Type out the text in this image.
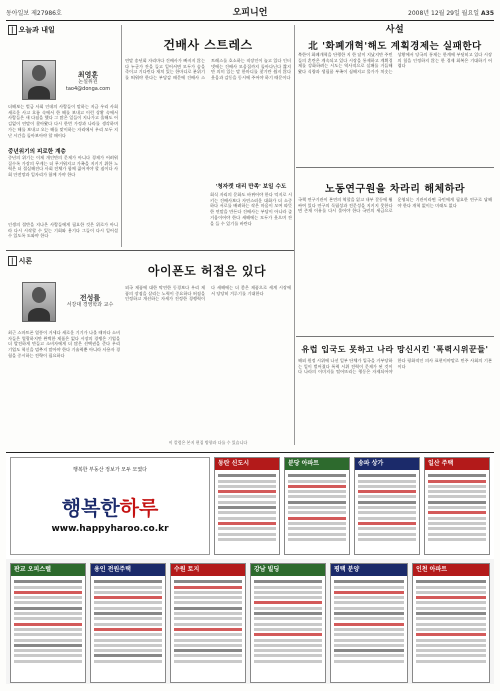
동아일보 제27986호	오피니언	2008년 12월 29일 월요일 A35
| 오늘과 내일
최영훈
논설위원
tao4@donga.com
더해보는 벌금 사회 인데의 사람들이 말하는 지금 우리 사회 새로운 사고 흐름 속에서 한 해를 보내고 이런 상황 속에서 사람들은 새 다짐을 했다 그 많은 일들이 지나가고 올해도 어김없이 연말이 찾아왔다 다시 한번 가정과 나라를 생각하며 가는 해를 보내고 오는 해를 맞이하는 자리에서 우리 모두 지난 시간을 돌아보아야 할 때이다
중년위기의 피로한 계층
중년의 위기는 이제 개인만의 문제가 아니다 경제가 어려워질수록 가장의 무게는 더 무거워지고 가족을 지키기 위한 노력은 더 절실해진다 사회 전체가 함께 짊어져야 할 짐이다 사회 안전망과 일자리가 함께 가야 한다
인생의 절반을 지나온 사람들에게 필요한 것은 위로가 아니라 다시 시작할 수 있는 기회와 용기다 그들이 다시 일어설 수 있도록 도와야 한다
건배사 스트레스
연말 송년회 자리마다 건배사가 빠지지 않는다 누군가 잔을 들고 일어서면 모두가 숨을 죽이고 기다린다 재치 있는 한마디로 분위기를 띄워야 한다는 부담감 때문에 건배사 스트레스를 호소하는 직장인이 늘고 있다 인터넷에는 건배사 모음집까지 돌아다닌다 짧지만 의미 있는 말 한마디를 찾기란 쉽지 않다 웃음과 감동을 동시에 주어야 하기 때문이다
'청자켓 대리 만족' 보일 수도
회식 자리의 문화도 바뀌어야 한다 억지로 시키는 건배사보다 자연스러운 대화가 더 소중하다 서로를 배려하는 작은 마음이 모여 따뜻한 연말을 만든다 건배사는 부담이 아니라 즐거움이어야 한다 새해에는 모두가 웃으며 잔을 들 수 있기를 바란다
사설
北 '화폐개혁'해도 계획경제는 실패한다
북한이 화폐개혁을 단행한 지 한 달이 지났지만 주민들의 혼란은 계속되고 있다 시장을 통제하고 계획경제를 강화하려는 시도는 역사적으로 실패를 거듭해 왔다 식량과 생필품 부족이 심해지고 물가가 치솟는 상황에서 당국의 통제는 한계에 부딪히고 있다 시장의 힘을 인정하지 않는 한 경제 회복은 기대하기 어렵다
노동연구원을 차라리 해체하라
국책 연구기관이 본연의 역할을 잃고 내부 갈등에 휩싸여 있다 연구의 독립성과 전문성을 지키지 못한다면 존재 이유를 다시 물어야 한다 국민의 세금으로 운영되는 기관이라면 국민에게 필요한 연구로 답해야 한다 개혁 없이는 미래도 없다
유럽 입국도 못하고 나라 망신시킨 '폭력시위꾼들'
해외 원정 시위에 나선 일부 단체가 입국을 거부당하는 일이 벌어졌다 폭력 시위 전력이 문제가 된 것이다 나라의 이미지를 떨어뜨리는 행동은 자제되어야 한다 평화적인 의사 표현이야말로 민주 사회의 기본이다
| 시론
아이폰도 허접은 있다
전성률
서강대 경영학과 교수
최근 스마트폰 열풍이 거세다 새로운 기기가 나올 때마다 소비자들은 열광하지만 완벽한 제품은 없다 시장의 경쟁은 기업을 더 발전하게 만들고 소비자에게 더 많은 선택권을 준다 우리 기업도 혁신을 멈추지 말아야 한다 기술력뿐 아니라 사용자 경험을 중시하는 전략이 필요하다
외국 제품에 대한 막연한 동경보다 우리 제품의 장점을 살리는 노력이 중요하다 허점을 인정하고 개선하는 자세가 진정한 경쟁력이다 새해에는 더 좋은 제품으로 세계 시장에서 당당히 겨루기를 기대한다
이 칼럼은 본지 편집 방향과 다를 수 있습니다
행복한 부동산 정보가 모두 모였다
행복한하루
www.happyharoo.co.kr
동탄 신도시	분당 아파트	송파 상가	일산 주택
판교 오피스텔	용인 전원주택	수원 토지	강남 빌딩	평택 분양	인천 아파트
